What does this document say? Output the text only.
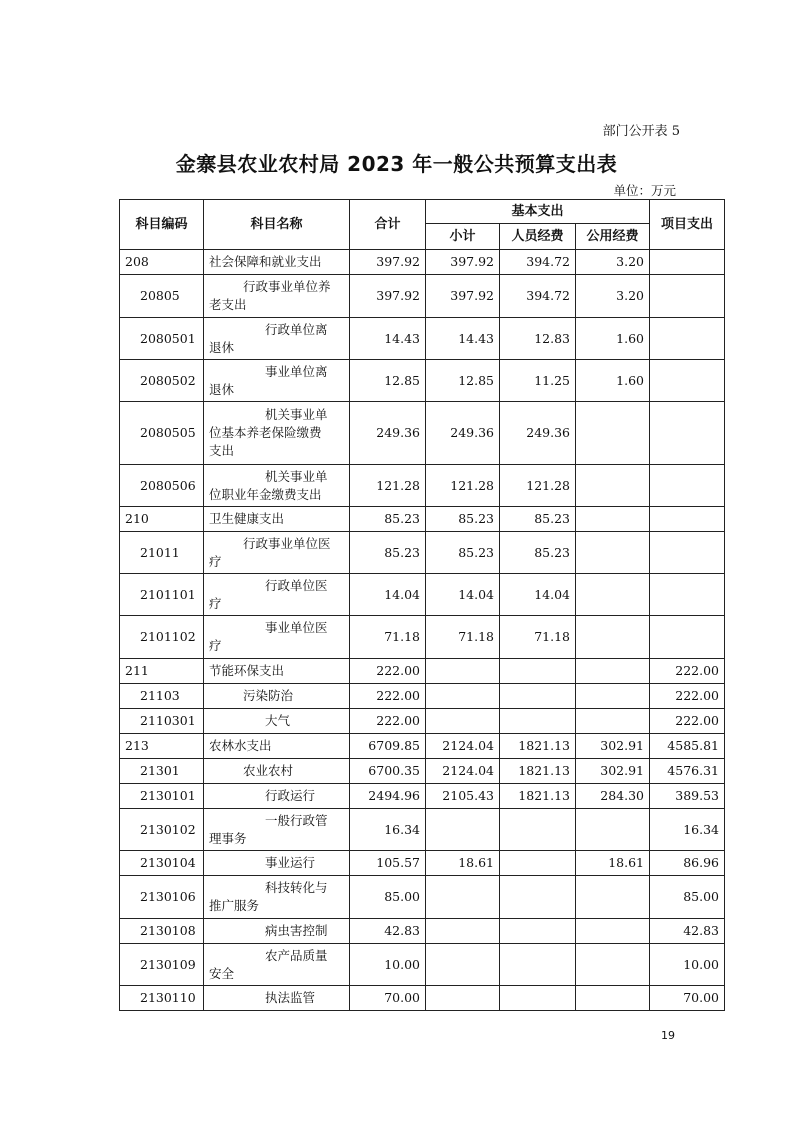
部门公开表 5
金寨县农业农村局 2023 年一般公共预算支出表
单位：万元
科目编码	科目名称	合计	基本支出			项目支出
			小计	人员经费	公用经费	
208	社会保障和就业支出	397.92	397.92	394.72	3.20	
20805	行政事业单位养
老支出	397.92	397.92	394.72	3.20	
2080501	行政单位离
退休	14.43	14.43	12.83	1.60	
2080502	事业单位离
退休	12.85	12.85	11.25	1.60	
2080505	机关事业单
位基本养老保险缴费
支出	249.36	249.36	249.36		
2080506	机关事业单
位职业年金缴费支出	121.28	121.28	121.28		
210	卫生健康支出	85.23	85.23	85.23		
21011	行政事业单位医
疗	85.23	85.23	85.23		
2101101	行政单位医
疗	14.04	14.04	14.04		
2101102	事业单位医
疗	71.18	71.18	71.18		
211	节能环保支出	222.00				222.00
21103	污染防治	222.00				222.00
2110301	大气	222.00				222.00
213	农林水支出	6709.85	2124.04	1821.13	302.91	4585.81
21301	农业农村	6700.35	2124.04	1821.13	302.91	4576.31
2130101	行政运行	2494.96	2105.43	1821.13	284.30	389.53
2130102	一般行政管
理事务	16.34				16.34
2130104	事业运行	105.57	18.61		18.61	86.96
2130106	科技转化与
推广服务	85.00				85.00
2130108	病虫害控制	42.83				42.83
2130109	农产品质量
安全	10.00				10.00
2130110	执法监管	70.00				70.00
19
